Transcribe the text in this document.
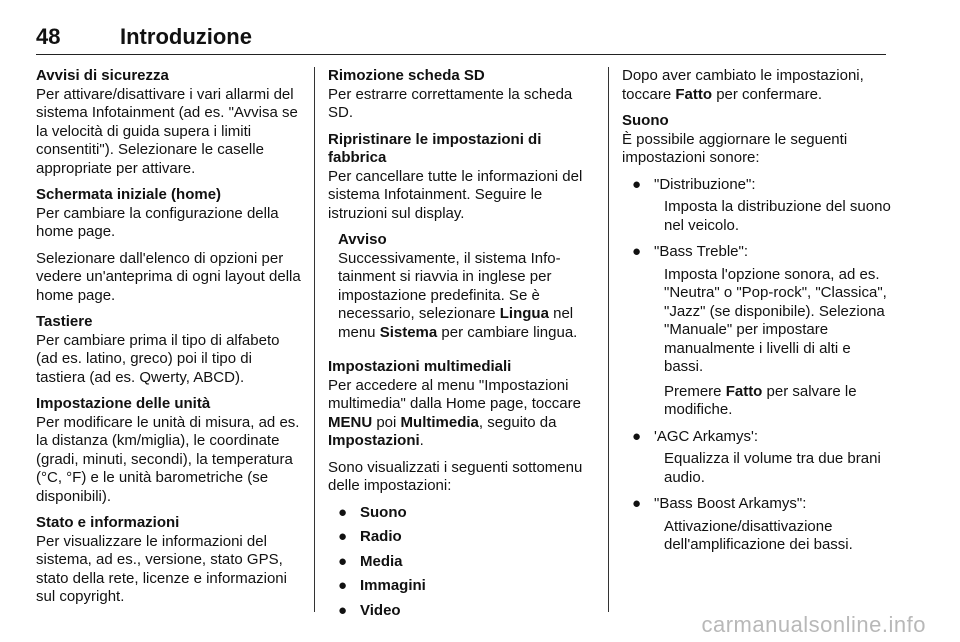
48	Introduzione
Avvisi di sicurezza
Per attivare/disattivare i vari allarmi del sistema Infotainment (ad es. "Avvisa se la velocità di guida supera i limiti consentiti"). Selezionare le caselle appropriate per attivare.
Schermata iniziale (home)

Per cambiare la configurazione della home page.

Selezionare dall'elenco di opzioni per vedere un'anteprima di ogni layout della home page.
Tastiere
Per cambiare prima il tipo di alfabeto (ad es. latino, greco) poi il tipo di tastiera (ad es. Qwerty, ABCD).
Impostazione delle unità
Per modificare le unità di misura, ad es. la distanza (km/miglia), le coordinate (gradi, minuti, secondi), la temperatura (°C, °F) e le unità barometriche (se disponibili).
Stato e informazioni
Per visualizzare le informazioni del sistema, ad es., versione, stato GPS, stato della rete, licenze e informazioni sul copyright.
Rimozione scheda SD
Per estrarre correttamente la scheda SD.
Ripristinare le impostazioni di fabbrica
Per cancellare tutte le informazioni del sistema Infotainment. Seguire le istruzioni sul display.
Avviso
Successivamente, il sistema Infotainment si riavvia in inglese per impostazione predefinita. Se è necessario, selezionare Lingua nel menu Sistema per cambiare lingua.
Impostazioni multimediali

Per accedere al menu "Impostazioni multimedia" dalla Home page, toccare MENU poi Multimedia, seguito da Impostazioni.

Sono visualizzati i seguenti sottomenu delle impostazioni:

● Suono
● Radio
● Media
● Immagini
● Video

Dopo aver cambiato le impostazioni, toccare Fatto per confermare.

Suono

È possibile aggiornare le seguenti impostazioni sonore:

● "Distribuzione":

Imposta la distribuzione del suono nel veicolo.

● "Bass Treble":

Imposta l'opzione sonora, ad es. "Neutra" o "Pop-rock", "Classica", "Jazz" (se disponibile). Seleziona "Manuale" per impostare manualmente i livelli di alti e bassi.

Premere Fatto per salvare le modifiche.

● 'AGC Arkamys':

Equalizza il volume tra due brani audio.

● "Bass Boost Arkamys":

Attivazione/disattivazione dell'amplificazione dei bassi.

carmanualsonline.info
